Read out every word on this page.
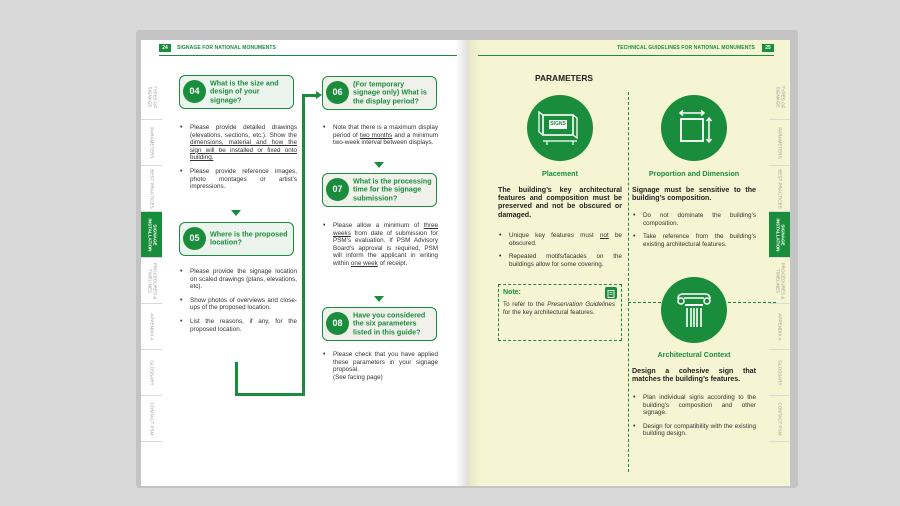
24	SIGNAGE FOR NATIONAL MONUMENTS
TYPES OF SIGNAGE
PARAMETERS
BEST PRACTICES
SIGNAGE INSTALLATION
PROCEDURES & TIMELINES
APPENDIX A
GLOSSARY
CONTACT PSM
04
What is the size and design of your signage?
• Please provide detailed drawings (elevations, sections, etc.). Show the dimensions, material and how the sign will be installed or fixed onto building.
• Please provide reference images, photo montages or artist’s impressions.
05	Where is the proposed location?
• Please provide the signage location on scaled drawings (plans, elevations, etc).
• Show photos of overviews and close-ups of the proposed location.
• List the reasons, if any, for the proposed location.
06
(For temporary signage only) What is the display period?
• Note that there is a maximum display period of two months and a minimum two-week interval between displays.
07
What is the processing time for the signage submission?
• Please allow a minimum of three weeks from date of submission for PSM’s evaluation. If PSM Advisory Board’s approval is required, PSM will inform the applicant in writing within one week of receipt.
08
Have you considered the six parameters listed in this guide?
• Please check that you have applied these parameters in your signage proposal.
(See facing page)
TECHNICAL GUIDELINES FOR NATIONAL MONUMENTS	25
PARAMETERS
TYPES OF SIGNAGE
PARAMETERS
BEST PRACTICES
SIGNAGE INSTALLATION
PROCEDURES & TIMELINES
APPENDIX A
GLOSSARY
CONTACT PSM
SIGNS
Placement
The building’s key architectural features and composition must be preserved and not be obscured or damaged.
• Unique key features must not be obscured.
• Repeated motifs/facades on the buildings allow for some covering.
Note:
To refer to the Preservation Guidelines for the key architectural features.
Proportion and Dimension
Signage must be sensitive to the building’s composition.
• Do not dominate the building’s composition.
• Take reference from the building’s existing architectural features.
Architectural Context
Design a cohesive sign that matches the building’s features.
• Plan individual signs according to the building’s composition and other signage.
• Design for compatibility with the existing building design.
